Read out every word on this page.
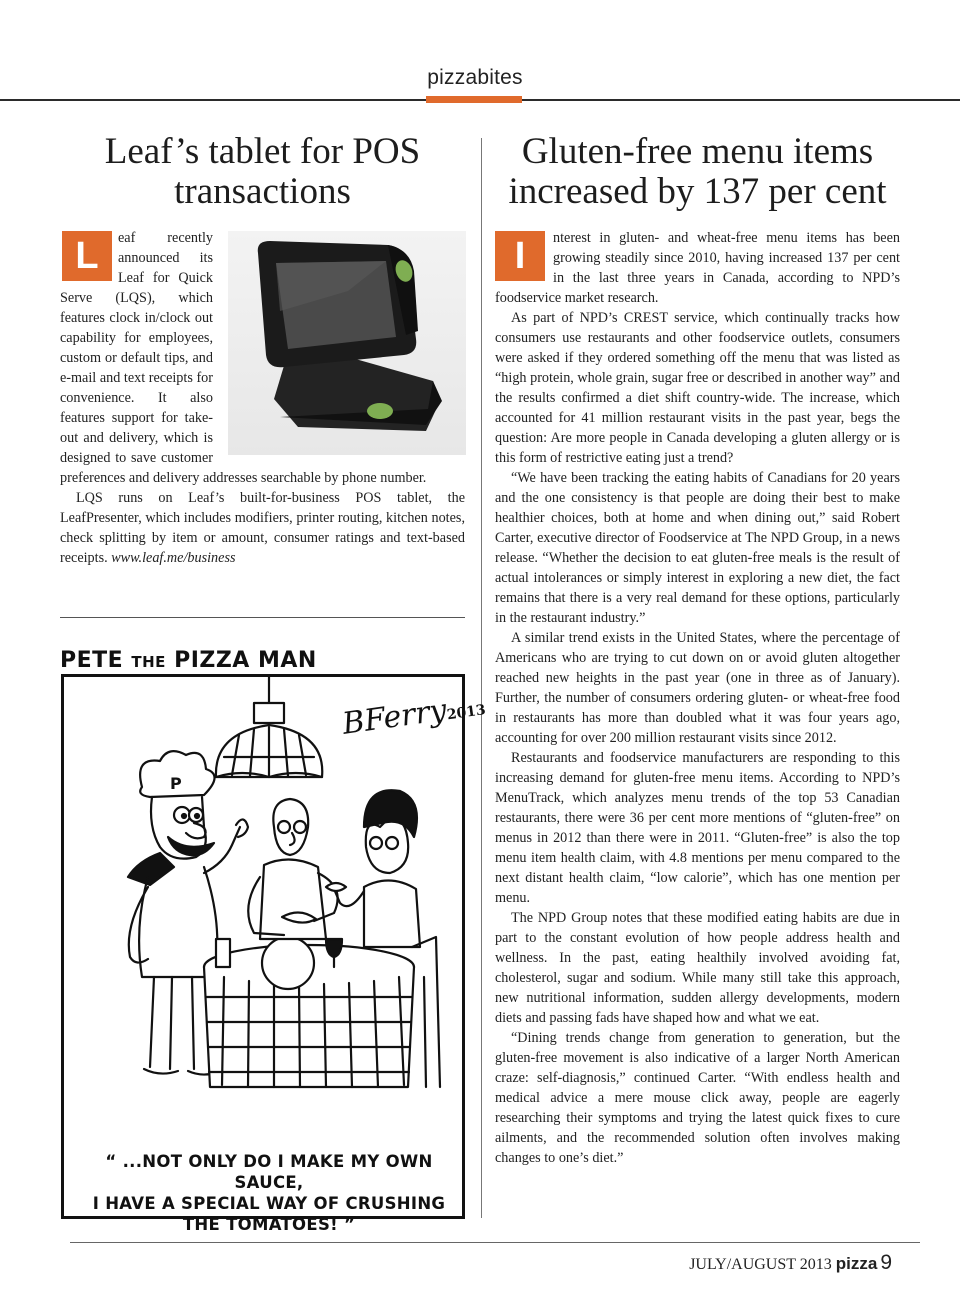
pizzabites
Leaf’s tablet for POS transactions
L	eaf recently announced its Leaf for Quick Serve (LQS), which features clock in/clock out capability for employees, custom or default tips, and e-mail and text receipts for convenience. It also features support for take-out and delivery, which is designed to save customer preferences and delivery addresses searchable by phone number.

LQS runs on Leaf’s built-for-business POS tablet, the LeafPresenter, which includes modifiers, printer routing, kitchen notes, check splitting by item or amount, consumer ratings and text-based receipts. www.leaf.me/business

PETE THE PIZZA MAN
P
BFerry2013
“ ...NOT ONLY DO I MAKE MY OWN SAUCE,
I HAVE A SPECIAL WAY OF CRUSHING
THE TOMATOES! ”
Gluten-free menu items increased by 137 per cent
I	nterest in gluten- and wheat-free menu items has been growing steadily since 2010, having increased 137 per cent in the last three years in Canada, according to NPD’s foodservice market research.

As part of NPD’s CREST service, which continually tracks how consumers use restaurants and other foodservice outlets, consumers were asked if they ordered something off the menu that was listed as “high protein, whole grain, sugar free or described in another way” and the results confirmed a diet shift country-wide. The increase, which accounted for 41 million restaurant visits in the past year, begs the question: Are more people in Canada developing a gluten allergy or is this form of restrictive eating just a trend?

“We have been tracking the eating habits of Canadians for 20 years and the one consistency is that people are doing their best to make healthier choices, both at home and when dining out,” said Robert Carter, executive director of Foodservice at The NPD Group, in a news release. “Whether the decision to eat gluten-free meals is the result of actual intolerances or simply interest in exploring a new diet, the fact remains that there is a very real demand for these options, particularly in the restaurant industry.”

A similar trend exists in the United States, where the percentage of Americans who are trying to cut down on or avoid gluten altogether reached new heights in the past year (one in three as of January). Further, the number of consumers ordering gluten- or wheat-free food in restaurants has more than doubled what it was four years ago, accounting for over 200 million restaurant visits since 2012.

Restaurants and foodservice manufacturers are responding to this increasing demand for gluten-free menu items. According to NPD’s MenuTrack, which analyzes menu trends of the top 53 Canadian restaurants, there were 36 per cent more mentions of “gluten-free” on menus in 2012 than there were in 2011. “Gluten-free” is also the top menu item health claim, with 4.8 mentions per menu compared to the next distant health claim, “low calorie”, which has one mention per menu.

The NPD Group notes that these modified eating habits are due in part to the constant evolution of how people address health and wellness. In the past, eating healthily involved avoiding fat, cholesterol, sugar and sodium. While many still take this approach, new nutritional information, sudden allergy developments, modern diets and passing fads have shaped how and what we eat.

“Dining trends change from generation to generation, but the gluten-free movement is also indicative of a larger North American craze: self-diagnosis,” continued Carter. “With endless health and medical advice a mere mouse click away, people are eagerly researching their symptoms and trying the latest quick fixes to cure ailments, and the recommended solution often involves making changes to one’s diet.”

JULY/AUGUST 2013 pizza 9
